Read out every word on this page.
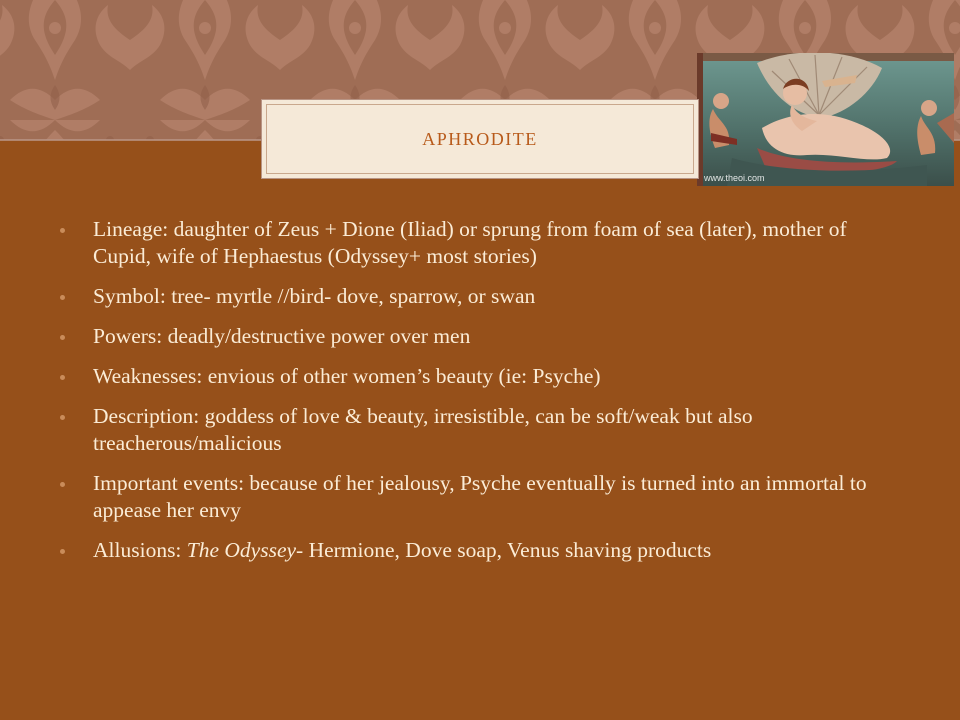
www.theoi.com
APHRODITE
Lineage: daughter of Zeus + Dione (Iliad) or sprung from foam of sea (later), mother of Cupid, wife of Hephaestus (Odyssey+ most stories)
Symbol: tree- myrtle //bird- dove, sparrow, or swan
Powers: deadly/destructive power over men
Weaknesses: envious of other women’s beauty (ie: Psyche)
Description: goddess of love & beauty, irresistible, can be soft/weak but also treacherous/malicious
Important events: because of her jealousy, Psyche eventually is turned into an immortal to appease her envy
Allusions: The Odyssey- Hermione, Dove soap, Venus shaving products
